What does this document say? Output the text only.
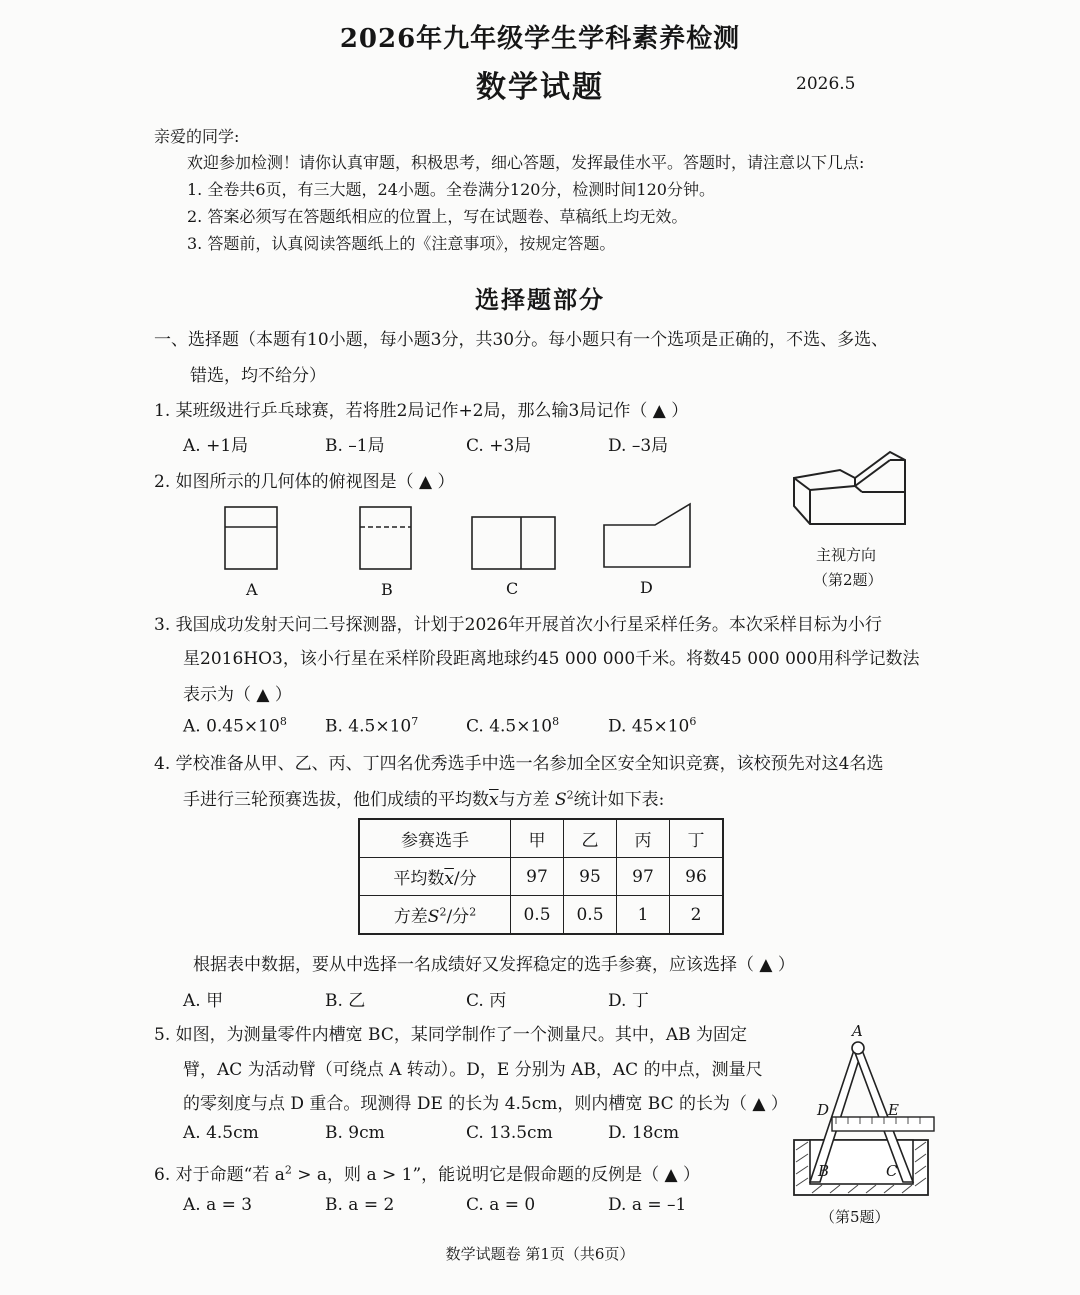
2026年九年级学生学科素养检测
数学试题	2026.5
亲爱的同学:
欢迎参加检测！请你认真审题，积极思考，细心答题，发挥最佳水平。答题时，请注意以下几点:
1. 全卷共6页，有三大题，24小题。全卷满分120分，检测时间120分钟。
2. 答案必须写在答题纸相应的位置上，写在试题卷、草稿纸上均无效。
3. 答题前，认真阅读答题纸上的《注意事项》，按规定答题。
选择题部分
一、选择题（本题有10小题，每小题3分，共30分。每小题只有一个选项是正确的，不选、多选、
错选，均不给分）
1. 某班级进行乒乓球赛，若将胜2局记作+2局，那么输3局记作（ ▲ ）
A. +1局	B. –1局	C. +3局	D. –3局
2. 如图所示的几何体的俯视图是（ ▲ ）
A	B	C	D
主视方向
（第2题）
3. 我国成功发射天问二号探测器，计划于2026年开展首次小行星采样任务。本次采样目标为小行
星2016HO3，该小行星在采样阶段距离地球约45 000 000千米。将数45 000 000用科学记数法
表示为（ ▲ ）
A. $0.45\times 10^8$ B. $4.5\times 10^7$	C. $4.5\times 10^8$	D. $45\times 10^6$
4. 学校准备从甲、乙、丙、丁四名优秀选手中选一名参加全区安全知识竞赛，该校预先对这4名选
手进行三轮预赛选拔，他们成绩的平均数$\overline{x}$与方差 $S^2$统计如下表:
参赛选手	甲	乙	丙	丁
平均数$\overline{x}/$分	97	95	97	96
方差$S^2/$分$^2$	0.5	0.5	1	2
根据表中数据，要从中选择一名成绩好又发挥稳定的选手参赛，应该选择（ ▲ ）
A. 甲	B. 乙	C. 丙	D. 丁
5. 如图，为测量零件内槽宽 BC，某同学制作了一个测量尺。其中，AB 为固定
臂，AC 为活动臂（可绕点 A 转动）。D，E 分别为 AB，AC 的中点，测量尺
的零刻度与点 D 重合。现测得 DE 的长为 4.5cm，则内槽宽 BC 的长为（ ▲ ）
A. 4.5cm	B. 9cm	C. 13.5cm	D. 18cm
A
D	E
B	C
（第5题）
6. 对于命题“若 $a^2 > a$，则 a > 1”，能说明它是假命题的反例是（ ▲ ）
A. a = 3	B. a = 2	C. a = 0	D. a = –1
数学试题卷 第1页（共6页）
